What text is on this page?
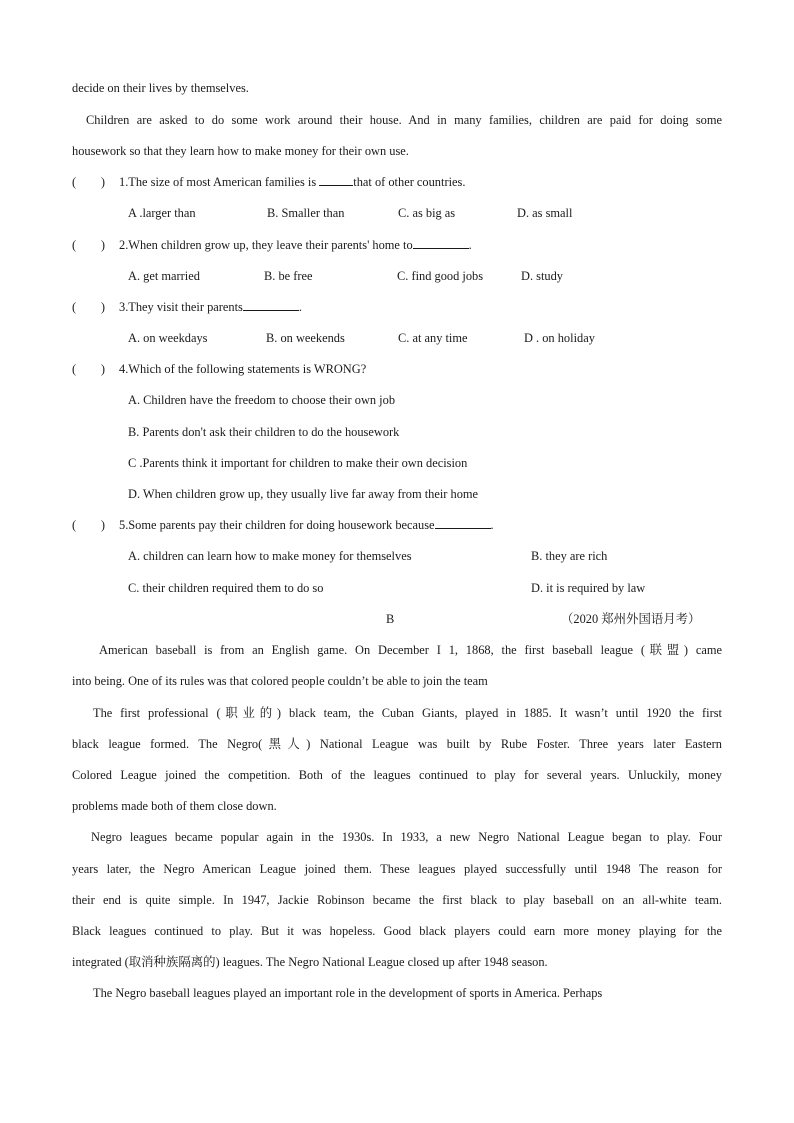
decide on their lives by themselves.
Children are asked to do some work around their house. And in many families, children are paid for doing some
housework so that they learn how to make money for their own use.
(　　) 1.The size of most American families is	that of other countries.
A .larger than	B. Smaller than	C. as big as	D. as small
(　　) 2.When children grow up, they leave their parents' home to	.
A. get married	B. be free	C. find good jobs	D. study
(　　) 3.They visit their parents	.
A. on weekdays	B. on weekends	C. at any time	D . on holiday
(　　) 4.Which of the following statements is WRONG?
A. Children have the freedom to choose their own job
B. Parents don't ask their children to do the housework
C .Parents think it important for children to make their own decision
D. When children grow up, they usually live far away from their home
(　　) 5.Some parents pay their children for doing housework because	.
A. children can learn how to make money for themselves	B. they are rich
C. their children required them to do so	D. it is required by law
B	（2020 郑州外国语月考）
American baseball is from an English game. On December I 1, 1868, the first baseball league (联盟) came
into being. One of its rules was that colored people couldn’t be able to join the team
The first professional (职业的) black team, the Cuban Giants, played in 1885. It wasn’t until 1920 the first
black league formed. The Negro(黑人) National League was built by Rube Foster. Three years later Eastern
Colored League joined the competition. Both of the leagues continued to play for several years. Unluckily, money
problems made both of them close down.
Negro leagues became popular again in the 1930s. In 1933, a new Negro National League began to play. Four
years later, the Negro American League joined them. These leagues played successfully until 1948 The reason for
their end is quite simple. In 1947, Jackie Robinson became the first black to play baseball on an all-white team.
Black leagues continued to play. But it was hopeless. Good black players could earn more money playing for the
integrated (取消种族隔离的) leagues. The Negro National League closed up after 1948 season.
The Negro baseball leagues played an important role in the development of sports in America. Perhaps
